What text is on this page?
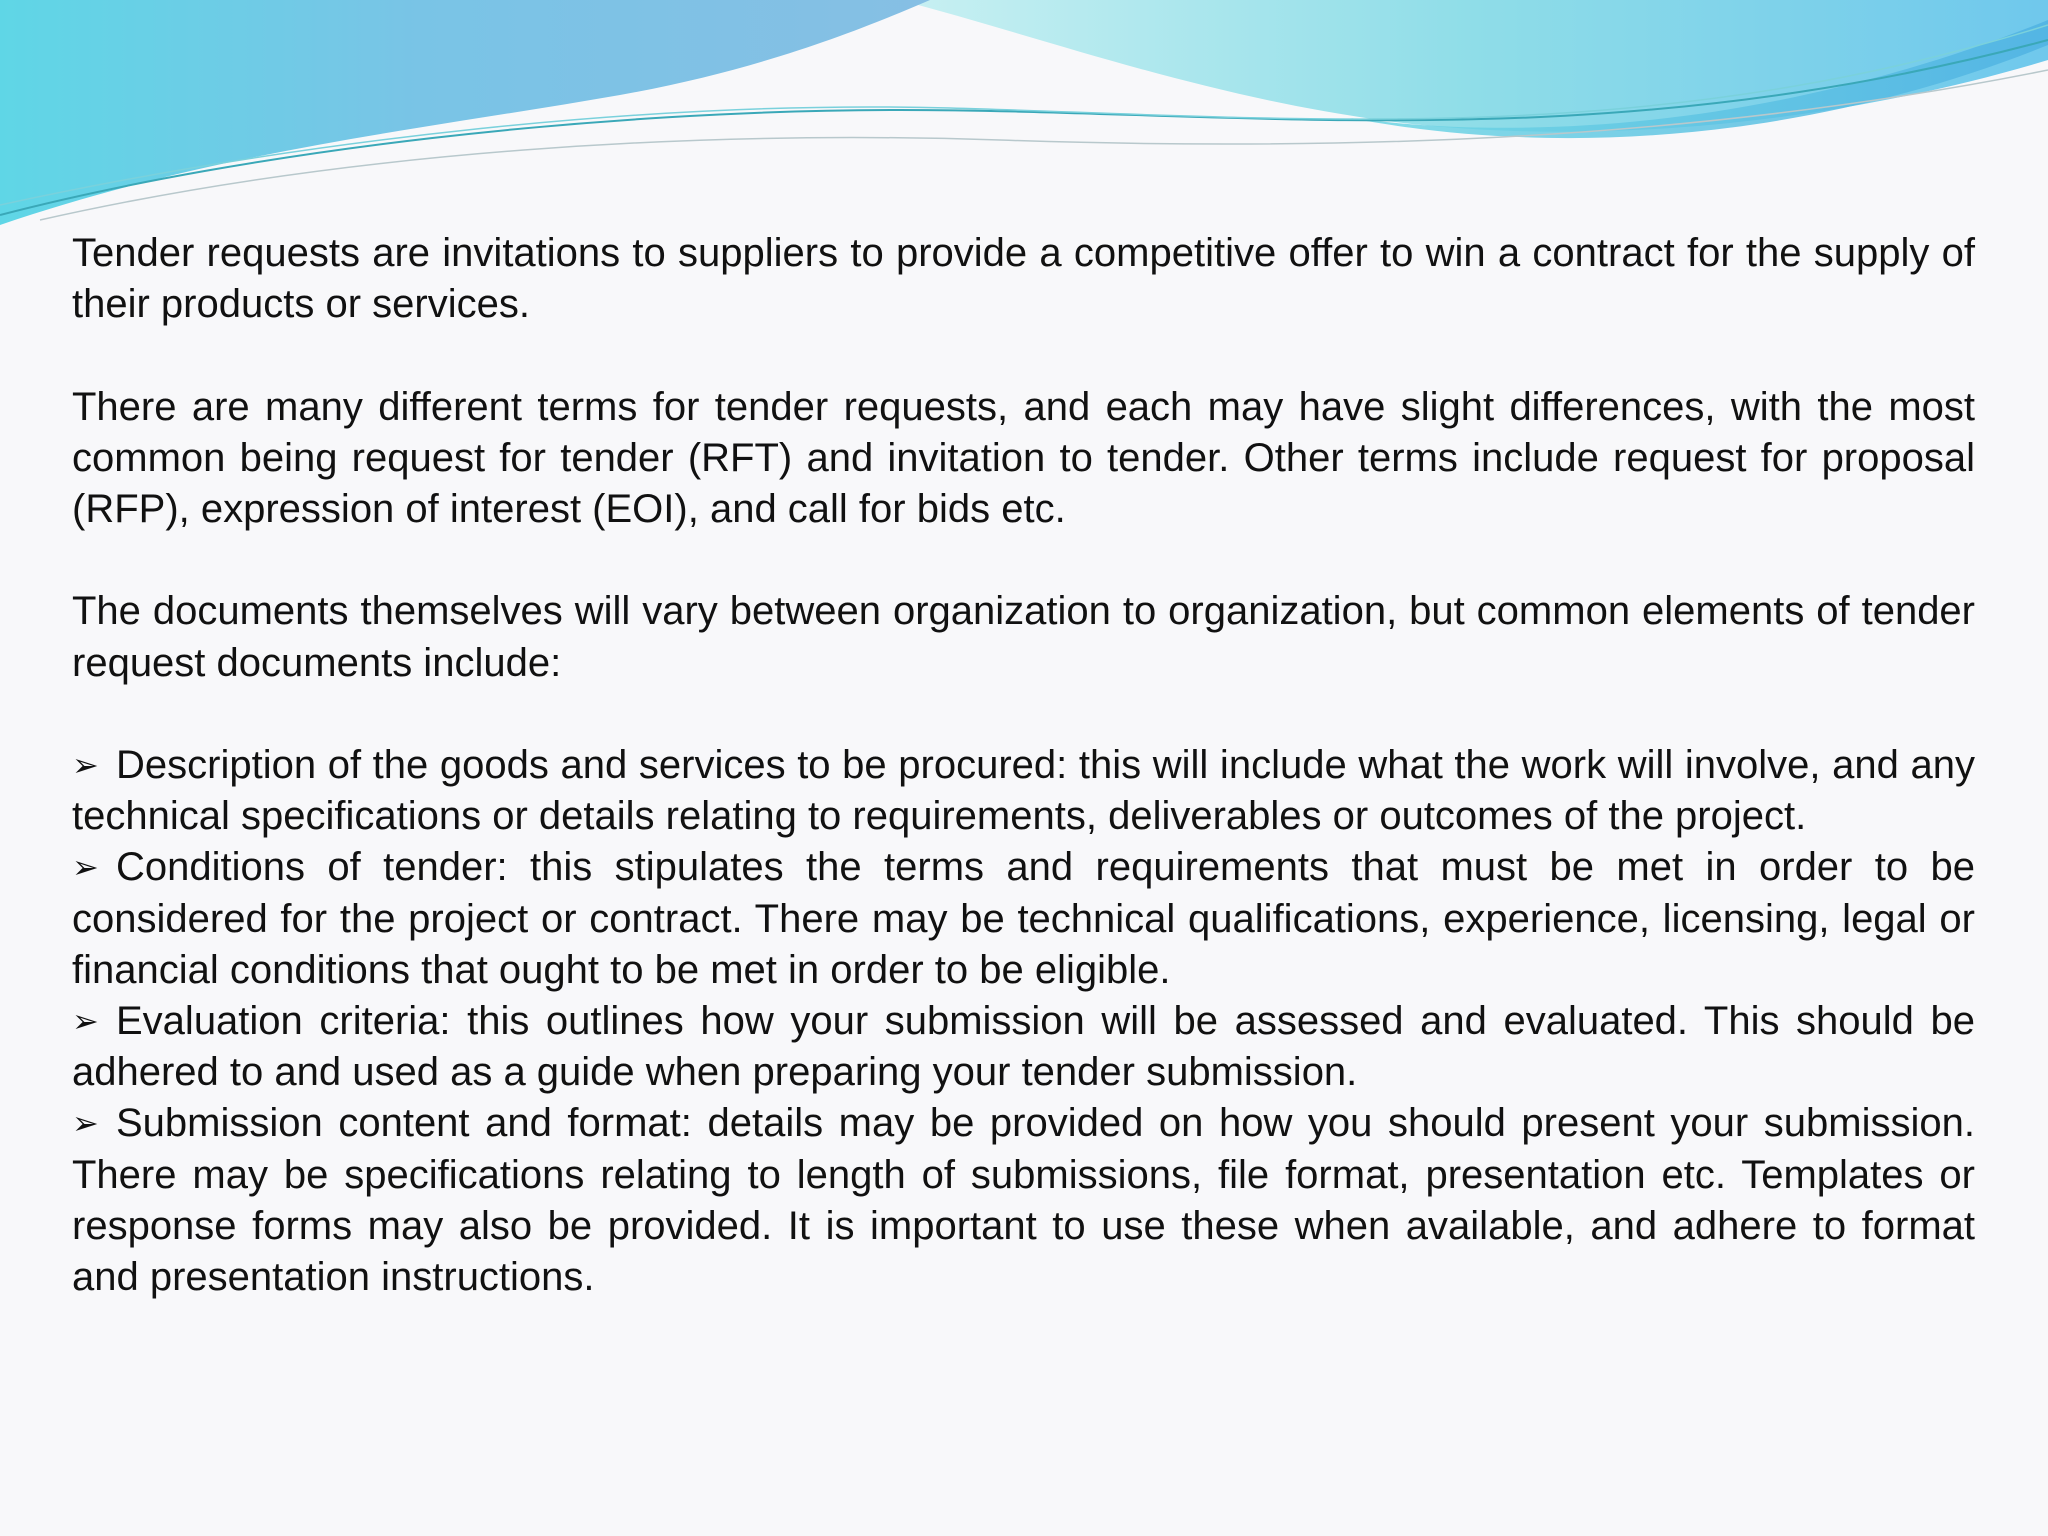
Tender requests are invitations to suppliers to provide a competitive offer to win a contract for the supply of their products or services.

There are many different terms for tender requests, and each may have slight differences, with the most common being request for tender (RFT) and invitation to tender. Other terms include request for proposal (RFP), expression of interest (EOI), and call for bids etc.

The documents themselves will vary between organization to organization, but common elements of tender request documents include:

➢ Description of the goods and services to be procured: this will include what the work will involve, and any technical specifications or details relating to requirements, deliverables or outcomes of the project.
➢ Conditions of tender: this stipulates the terms and requirements that must be met in order to be considered for the project or contract. There may be technical qualifications, experience, licensing, legal or financial conditions that ought to be met in order to be eligible.
➢ Evaluation criteria: this outlines how your submission will be assessed and evaluated. This should be adhered to and used as a guide when preparing your tender submission.
➢ Submission content and format: details may be provided on how you should present your submission. There may be specifications relating to length of submissions, file format, presentation etc. Templates or response forms may also be provided. It is important to use these when available, and adhere to format and presentation instructions.
